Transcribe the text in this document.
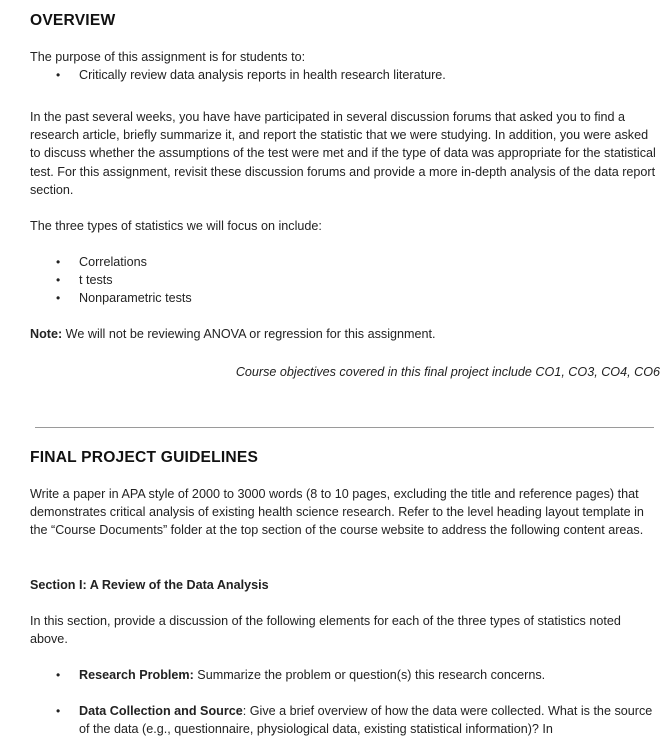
OVERVIEW

The purpose of this assignment is for students to:

• Critically review data analysis reports in health research literature.

In the past several weeks, you have have participated in several discussion forums that asked you to find a research article, briefly summarize it, and report the statistic that we were studying. In addition, you were asked to discuss whether the assumptions of the test were met and if the type of data was appropriate for the statistical test. For this assignment, revisit these discussion forums and provide a more in-depth analysis of the data report section.

The three types of statistics we will focus on include:

• Correlations
• t tests
• Nonparametric tests

Note: We will not be reviewing ANOVA or regression for this assignment.

Course objectives covered in this final project include CO1, CO3, CO4, CO6

FINAL PROJECT GUIDELINES

Write a paper in APA style of 2000 to 3000 words (8 to 10 pages, excluding the title and reference pages) that demonstrates critical analysis of existing health science research. Refer to the level heading layout template in the “Course Documents” folder at the top section of the course website to address the following content areas.

Section I: A Review of the Data Analysis

In this section, provide a discussion of the following elements for each of the three types of statistics noted above.

• Research Problem: Summarize the problem or question(s) this research concerns.
• Data Collection and Source: Give a brief overview of how the data were collected. What is the source of the data (e.g., questionnaire, physiological data, existing statistical information)? In
